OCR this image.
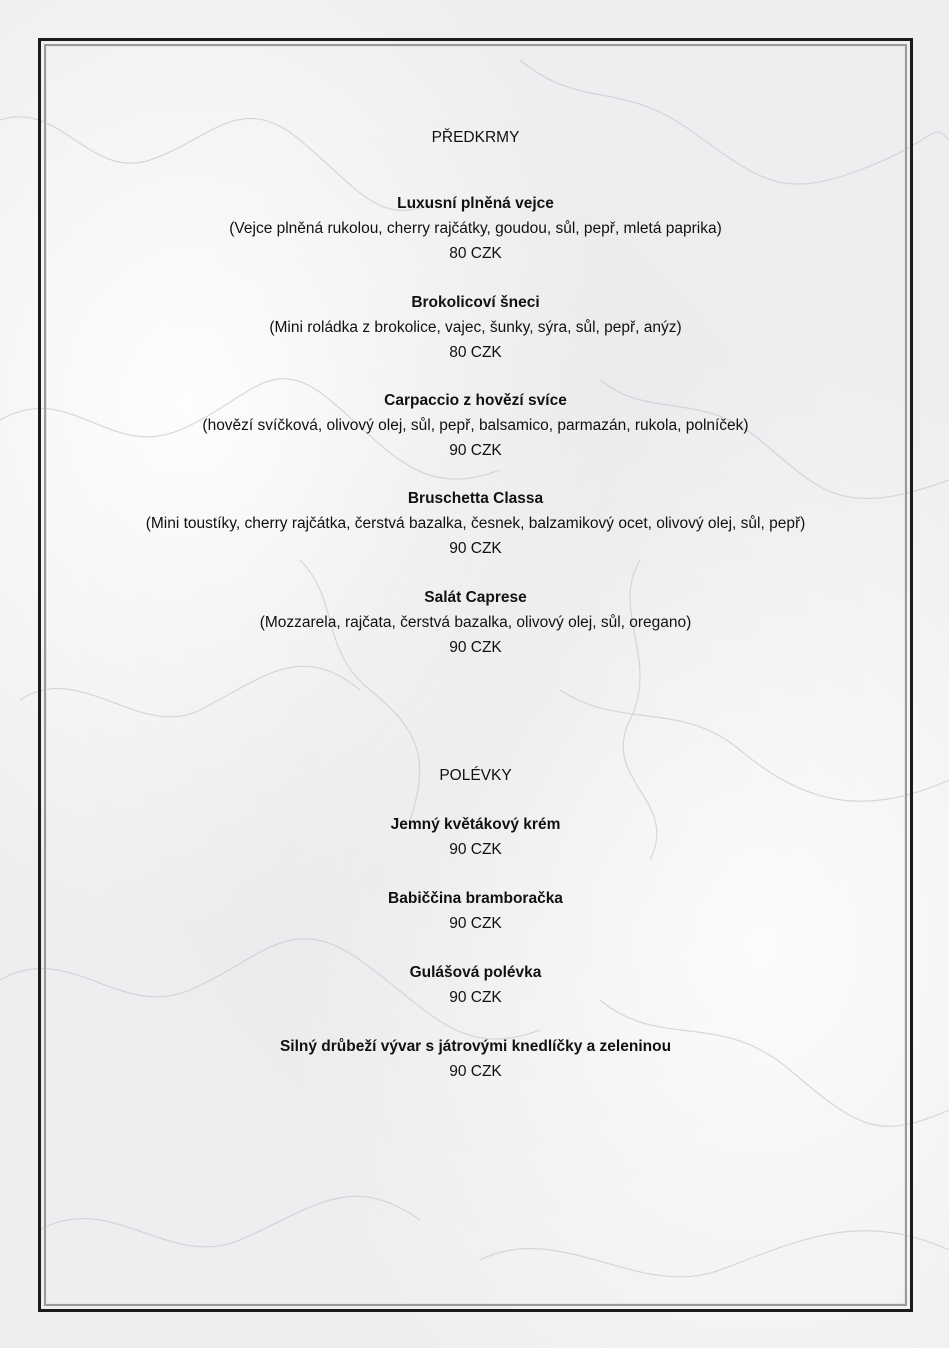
PŘEDKRMY
Luxusní plněná vejce
(Vejce plněná rukolou, cherry rajčátky, goudou, sůl, pepř, mletá paprika)
80 CZK
Brokolicoví šneci
(Mini roládka z brokolice, vajec, šunky, sýra, sůl, pepř, anýz)
80 CZK
Carpaccio z hovězí svíce
(hovězí svíčková, olivový olej, sůl, pepř, balsamico, parmazán, rukola, polníček)
90 CZK
Bruschetta Classa
(Mini toustíky, cherry rajčátka, čerstvá bazalka, česnek, balzamikový ocet, olivový olej, sůl, pepř)
90 CZK
Salát Caprese
(Mozzarela, rajčata, čerstvá bazalka, olivový olej, sůl, oregano)
90 CZK
POLÉVKY
Jemný květákový krém
90 CZK
Babiččina bramboračka
90 CZK
Gulášová polévka
90 CZK
Silný drůbeží vývar s játrovými knedlíčky a zeleninou
90 CZK
